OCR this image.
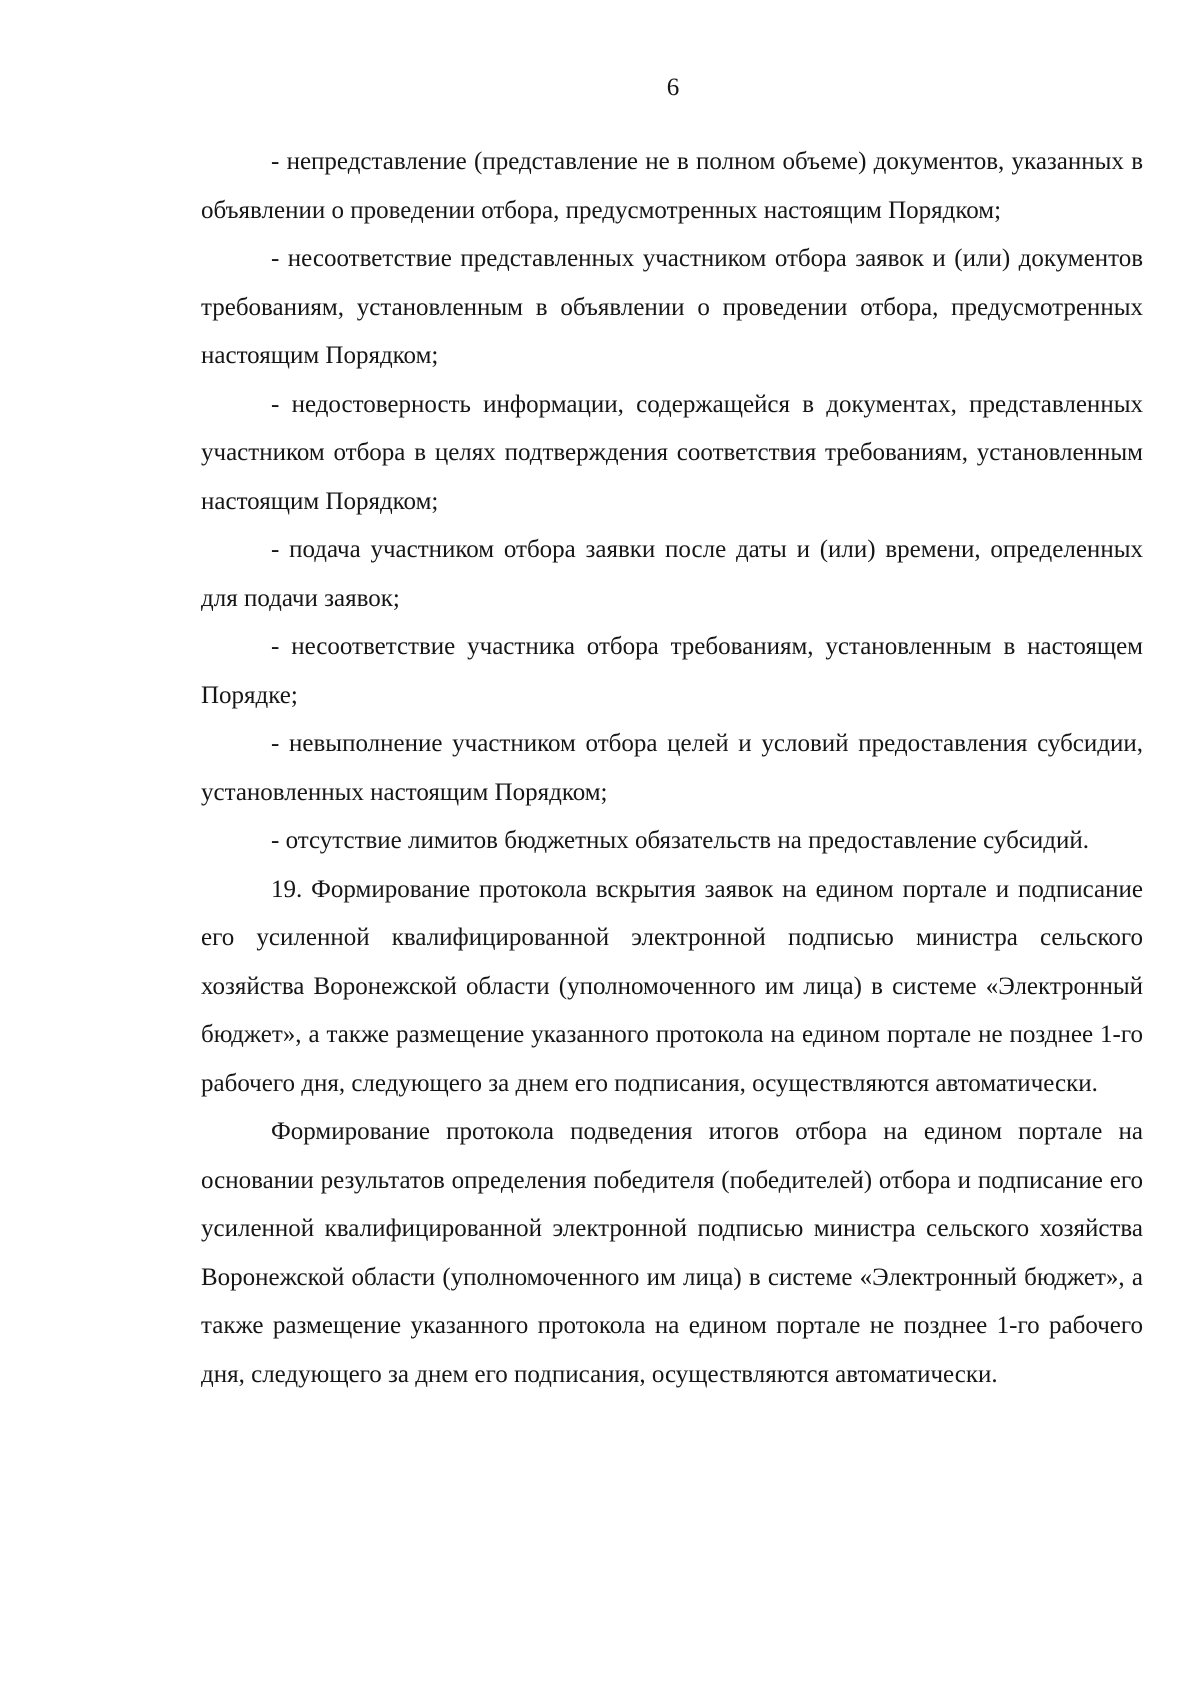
6

- непредставление (представление не в полном объеме) документов, указанных в объявлении о проведении отбора, предусмотренных настоящим Порядком;

- несоответствие представленных участником отбора заявок и (или) документов требованиям, установленным в объявлении о проведении отбора, предусмотренных настоящим Порядком;

- недостоверность информации, содержащейся в документах, представленных участником отбора в целях подтверждения соответствия требованиям, установленным настоящим Порядком;

- подача участником отбора заявки после даты и (или) времени, определенных для подачи заявок;

- несоответствие участника отбора требованиям, установленным в настоящем Порядке;

- невыполнение участником отбора целей и условий предоставления субсидии, установленных настоящим Порядком;

- отсутствие лимитов бюджетных обязательств на предоставление субсидий.

19. Формирование протокола вскрытия заявок на едином портале и подписание его усиленной квалифицированной электронной подписью министра сельского хозяйства Воронежской области (уполномоченного им лица) в системе «Электронный бюджет», а также размещение указанного протокола на едином портале не позднее 1-го рабочего дня, следующего за днем его подписания, осуществляются автоматически.

Формирование протокола подведения итогов отбора на едином портале на основании результатов определения победителя (победителей) отбора и подписание его усиленной квалифицированной электронной подписью министра сельского хозяйства Воронежской области (уполномоченного им лица) в системе «Электронный бюджет», а также размещение указанного протокола на едином портале не позднее 1-го рабочего дня, следующего за днем его подписания, осуществляются автоматически.
